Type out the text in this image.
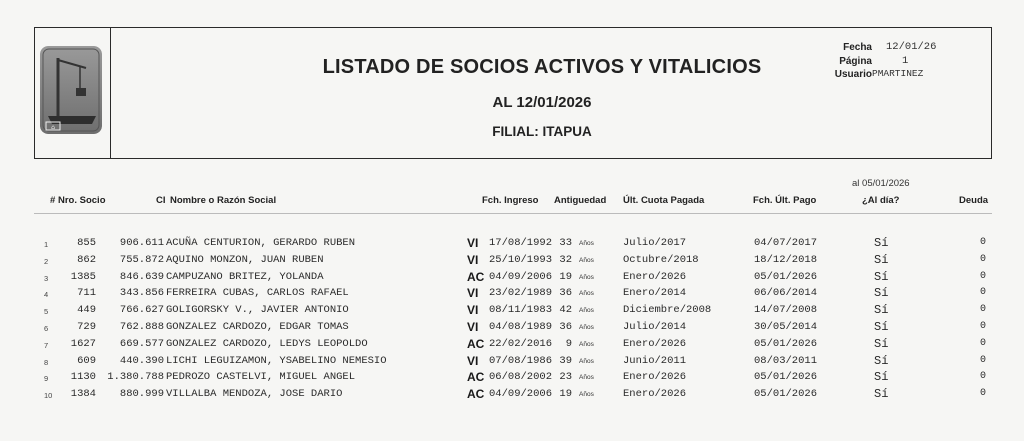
⌂
LISTADO DE SOCIOS ACTIVOS Y VITALICIOS
AL 12/01/2026
FILIAL: ITAPUA
Fecha 12/01/26
Página	1
Usuario PMARTINEZ
# Nro. Socio	CI Nombre o Razón Social	Fch. Ingreso Antiguedad Últ. Cuota Pagada	Fch. Últ. Pago
al 05/01/2026
¿Al día?	Deuda
1	855	906.611 ACUÑA CENTURION, GERARDO RUBEN	VI 17/08/1992 33 Años	Julio/2017	04/07/2017	Sí	0
2	862	755.872 AQUINO MONZON, JUAN RUBEN	VI 25/10/1993 32 Años	Octubre/2018	18/12/2018	Sí	0
3	1385	846.639 CAMPUZANO BRITEZ, YOLANDA	AC 04/09/2006 19 Años	Enero/2026	05/01/2026	Sí	0
4	711	343.856 FERREIRA CUBAS, CARLOS RAFAEL	VI 23/02/1989 36 Años	Enero/2014	06/06/2014	Sí	0
5	449	766.627 GOLIGORSKY V., JAVIER ANTONIO	VI 08/11/1983 42 Años	Diciembre/2008	14/07/2008	Sí	0
6	729	762.888 GONZALEZ CARDOZO, EDGAR TOMAS	VI 04/08/1989 36 Años	Julio/2014	30/05/2014	Sí	0
7	1627	669.577 GONZALEZ CARDOZO, LEDYS LEOPOLDO	AC 22/02/2016	9 Años	Enero/2026	05/01/2026	Sí	0
8	609	440.390 LICHI LEGUIZAMON, YSABELINO NEMESIO	VI 07/08/1986 39 Años	Junio/2011	08/03/2011	Sí	0
9	1130	1.380.788 PEDROZO CASTELVI, MIGUEL ANGEL	AC 06/08/2002 23 Años	Enero/2026	05/01/2026	Sí	0
10	1384	880.999 VILLALBA MENDOZA, JOSE DARIO	AC 04/09/2006 19 Años	Enero/2026	05/01/2026	Sí	0
